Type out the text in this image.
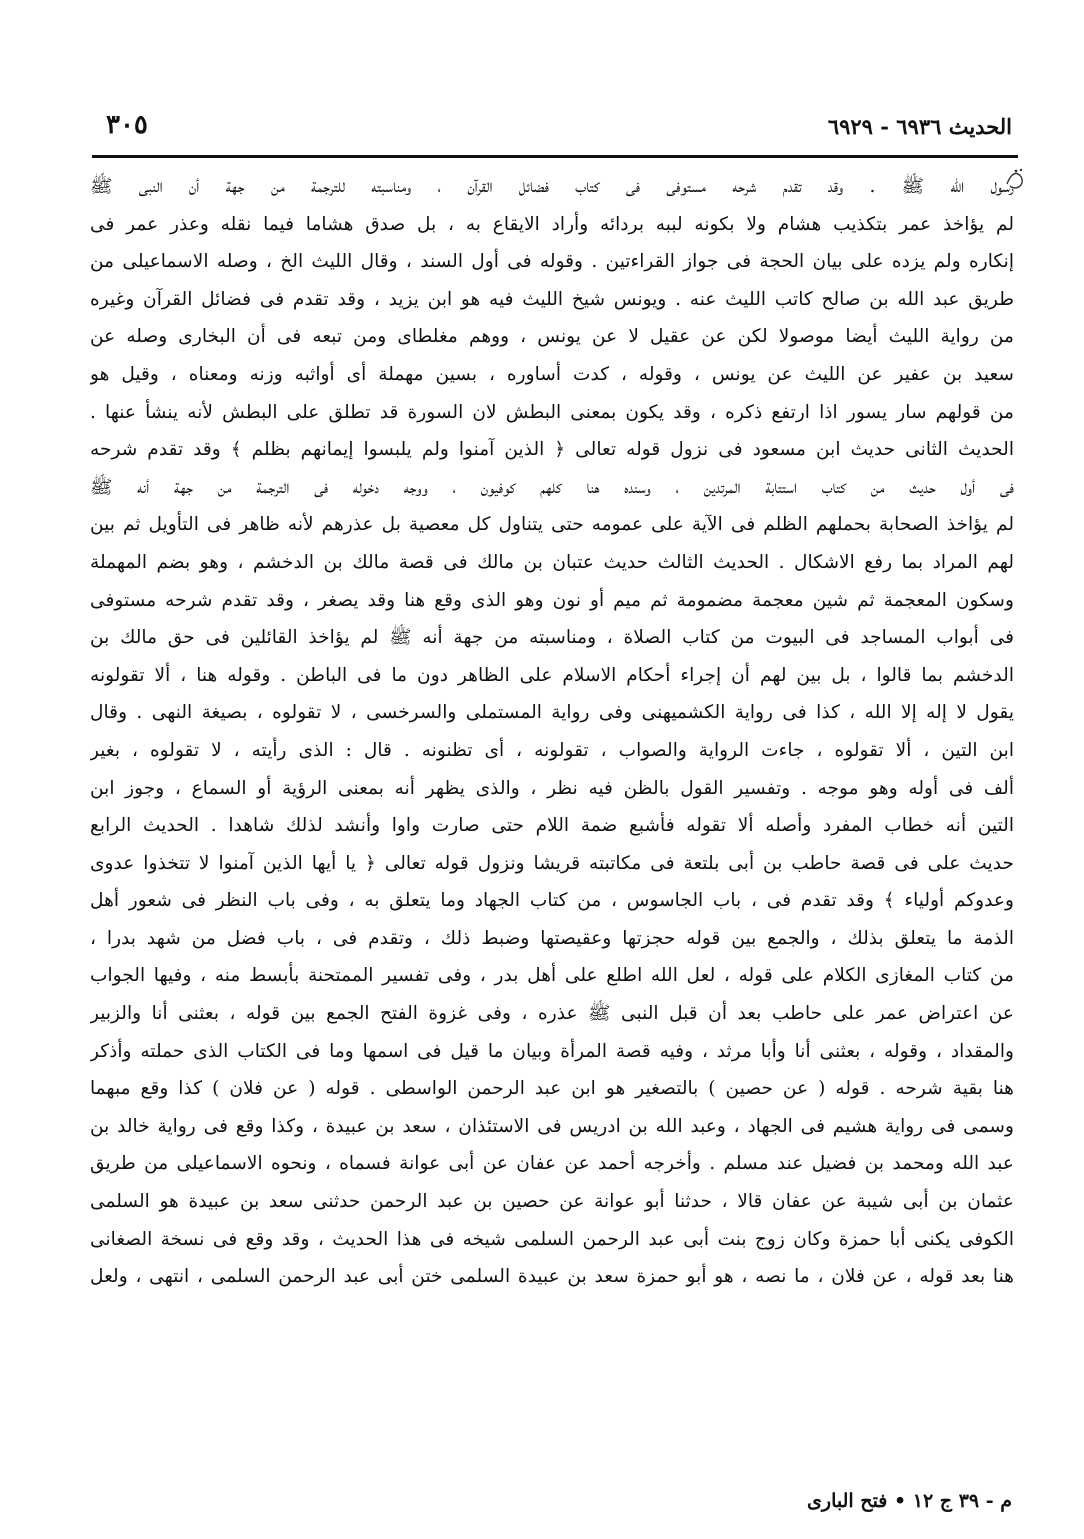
الحديث ٦٩٣٦ - ٦٩٢٩
٣٠٥
رسول الله ﷺ . وقد تقدم شرحه مستوفى فى كتاب فضائل القرآن ، ومناسبته للترجمة من جهة أن النبى ﷺ
لم يؤاخذ عمر بتكذيب هشام ولا بكونه لببه بردائه وأراد الايقاع به ، بل صدق هشاما فيما نقله وعذر عمر فى
إنكاره ولم يزده على بيان الحجة فى جواز القراءتين . وقوله فى أول السند ، وقال الليث الخ ، وصله الاسماعيلى من
طريق عبد الله بن صالح كاتب الليث عنه . ويونس شيخ الليث فيه هو ابن يزيد ، وقد تقدم فى فضائل القرآن وغيره
من رواية الليث أيضا موصولا لكن عن عقيل لا عن يونس ، ووهم مغلطاى ومن تبعه فى أن البخارى وصله عن
سعيد بن عفير عن الليث عن يونس ، وقوله ، كدت أساوره ، بسين مهملة أى أواثبه وزنه ومعناه ، وقيل هو
من قولهم سار يسور اذا ارتفع ذكره ، وقد يكون بمعنى البطش لان السورة قد تطلق على البطش لأنه ينشأ عنها .
الحديث الثانى حديث ابن مسعود فى نزول قوله تعالى ﴿ الذين آمنوا ولم يلبسوا إيمانهم بظلم ﴾ وقد تقدم شرحه
فى أول حديث من كتاب استتابة المرتدين ، وسنده هنا كلهم كوفيون ، ووجه دخوله فى الترجمة من جهة أنه ﷺ
لم يؤاخذ الصحابة بحملهم الظلم فى الآية على عمومه حتى يتناول كل معصية بل عذرهم لأنه ظاهر فى التأويل ثم بين
لهم المراد بما رفع الاشكال . الحديث الثالث حديث عتبان بن مالك فى قصة مالك بن الدخشم ، وهو بضم المهملة
وسكون المعجمة ثم شين معجمة مضمومة ثم ميم أو نون وهو الذى وقع هنا وقد يصغر ، وقد تقدم شرحه مستوفى
فى أبواب المساجد فى البيوت من كتاب الصلاة ، ومناسبته من جهة أنه ﷺ لم يؤاخذ القائلين فى حق مالك بن
الدخشم بما قالوا ، بل بين لهم أن إجراء أحكام الاسلام على الظاهر دون ما فى الباطن . وقوله هنا ، ألا تقولونه
يقول لا إله إلا الله ، كذا فى رواية الكشميهنى وفى رواية المستملى والسرخسى ، لا تقولوه ، بصيغة النهى . وقال
ابن التين ، ألا تقولوه ، جاءت الرواية والصواب ، تقولونه ، أى تظنونه . قال : الذى رأيته ، لا تقولوه ، بغير
ألف فى أوله وهو موجه . وتفسير القول بالظن فيه نظر ، والذى يظهر أنه بمعنى الرؤية أو السماع ، وجوز ابن
التين أنه خطاب المفرد وأصله ألا تقوله فأشبع ضمة اللام حتى صارت واوا وأنشد لذلك شاهدا . الحديث الرابع
حديث على فى قصة حاطب بن أبى بلتعة فى مكاتبته قريشا ونزول قوله تعالى ﴿ يا أيها الذين آمنوا لا تتخذوا عدوى
وعدوكم أولياء ﴾ وقد تقدم فى ، باب الجاسوس ، من كتاب الجهاد وما يتعلق به ، وفى باب النظر فى شعور أهل
الذمة ما يتعلق بذلك ، والجمع بين قوله حجزتها وعقيصتها وضبط ذلك ، وتقدم فى ، باب فضل من شهد بدرا ،
من كتاب المغازى الكلام على قوله ، لعل الله اطلع على أهل بدر ، وفى تفسير الممتحنة بأبسط منه ، وفيها الجواب
عن اعتراض عمر على حاطب بعد أن قبل النبى ﷺ عذره ، وفى غزوة الفتح الجمع بين قوله ، بعثنى أنا والزبير
والمقداد ، وقوله ، بعثنى أنا وأبا مرثد ، وفيه قصة المرأة وبيان ما قيل فى اسمها وما فى الكتاب الذى حملته وأذكر
هنا بقية شرحه . قوله ( عن حصين ) بالتصغير هو ابن عبد الرحمن الواسطى . قوله ( عن فلان ) كذا وقع مبهما
وسمى فى رواية هشيم فى الجهاد ، وعبد الله بن ادريس فى الاستئذان ، سعد بن عبيدة ، وكذا وقع فى رواية خالد بن
عبد الله ومحمد بن فضيل عند مسلم . وأخرجه أحمد عن عفان عن أبى عوانة فسماه ، ونحوه الاسماعيلى من طريق
عثمان بن أبى شيبة عن عفان قالا ، حدثنا أبو عوانة عن حصين بن عبد الرحمن حدثنى سعد بن عبيدة هو السلمى
الكوفى يكنى أبا حمزة وكان زوج بنت أبى عبد الرحمن السلمى شيخه فى هذا الحديث ، وقد وقع فى نسخة الصغانى
هنا بعد قوله ، عن فلان ، ما نصه ، هو أبو حمزة سعد بن عبيدة السلمى ختن أبى عبد الرحمن السلمى ، انتهى ، ولعل
م - ٣٩ ج ١٢ • فتح البارى
